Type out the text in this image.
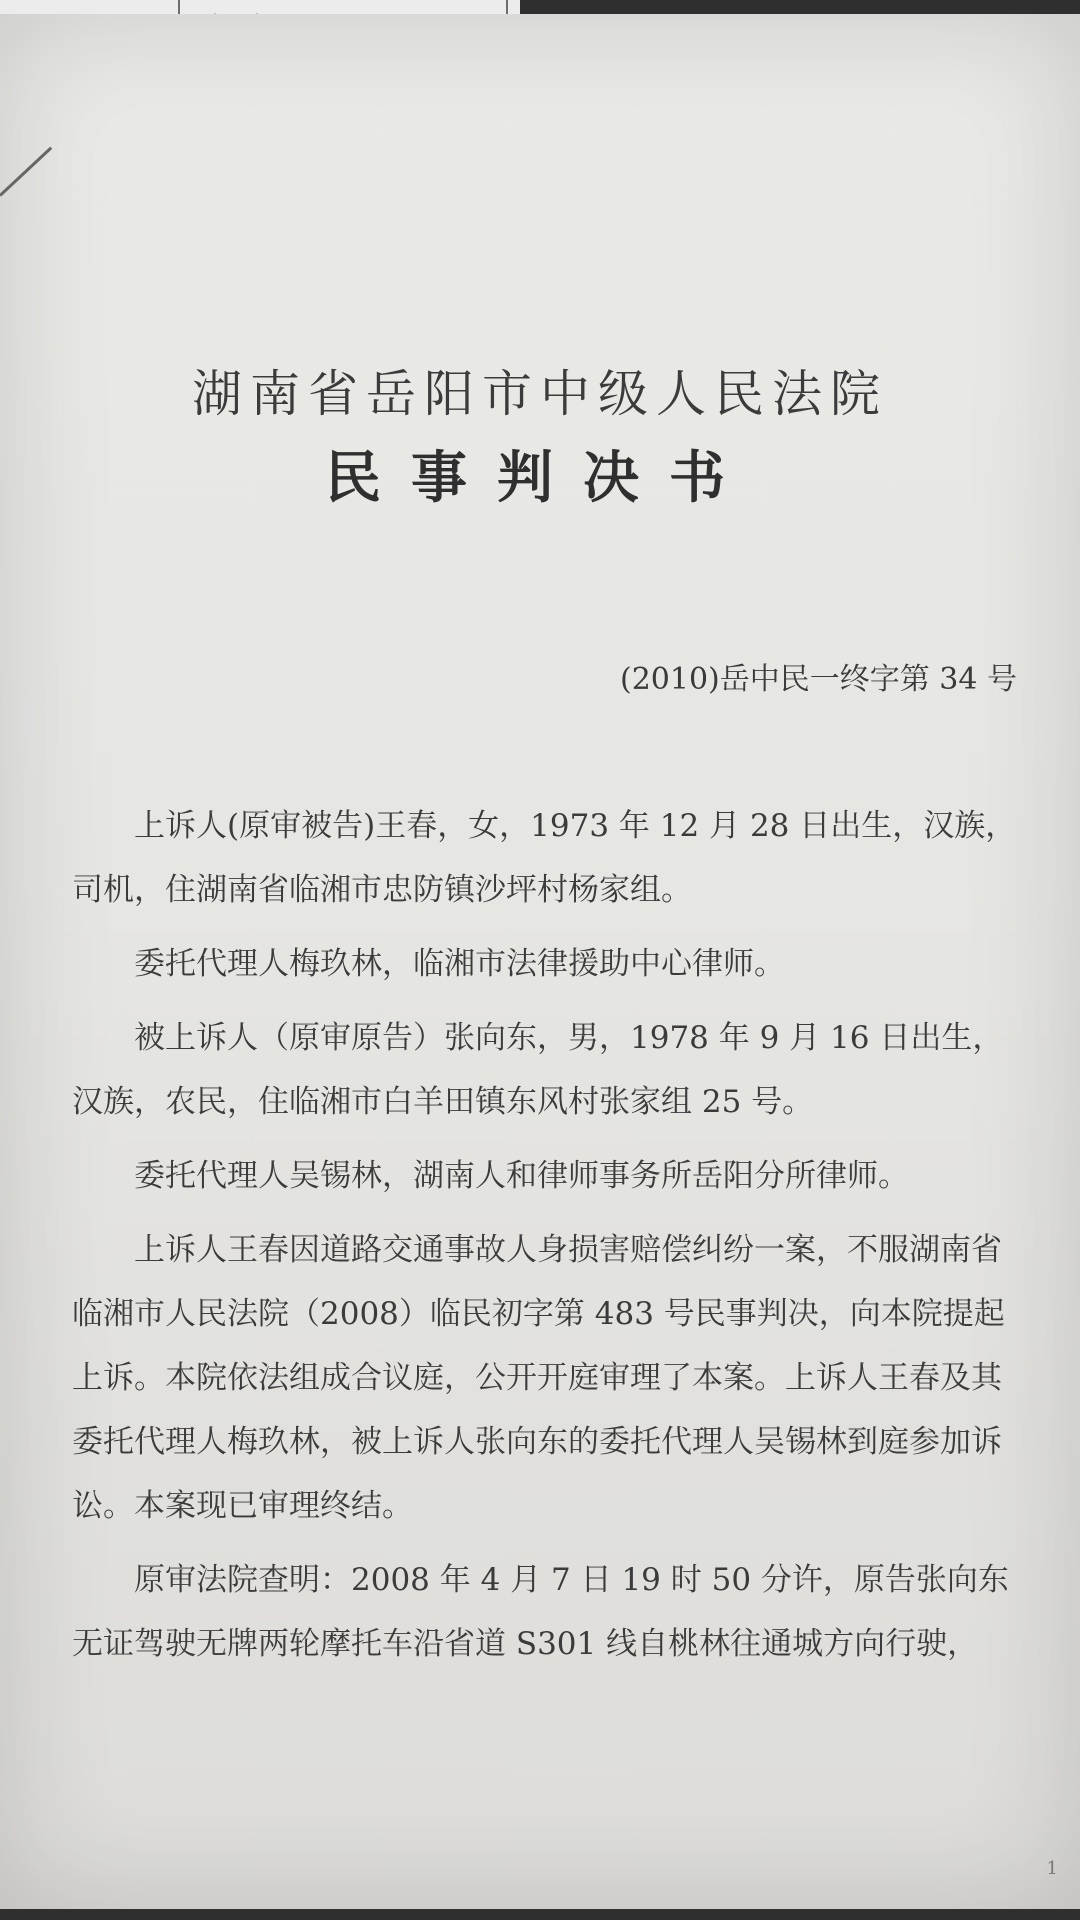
湖南省岳阳市中级人民法院
民事判决书
(2010)岳中民一终字第 34 号

上诉人(原审被告)王春，女，1973 年 12 月 28 日出生，汉族，司机，住湖南省临湘市忠防镇沙坪村杨家组。

委托代理人梅玖林，临湘市法律援助中心律师。

被上诉人（原审原告）张向东，男，1978 年 9 月 16 日出生，汉族，农民，住临湘市白羊田镇东风村张家组 25 号。

委托代理人吴锡林，湖南人和律师事务所岳阳分所律师。

上诉人王春因道路交通事故人身损害赔偿纠纷一案，不服湖南省临湘市人民法院（2008）临民初字第 483 号民事判决，向本院提起上诉。本院依法组成合议庭，公开开庭审理了本案。上诉人王春及其委托代理人梅玖林，被上诉人张向东的委托代理人吴锡林到庭参加诉讼。本案现已审理终结。

原审法院查明：2008 年 4 月 7 日 19 时 50 分许，原告张向东无证驾驶无牌两轮摩托车沿省道 S301 线自桃林往通城方向行驶，

1
